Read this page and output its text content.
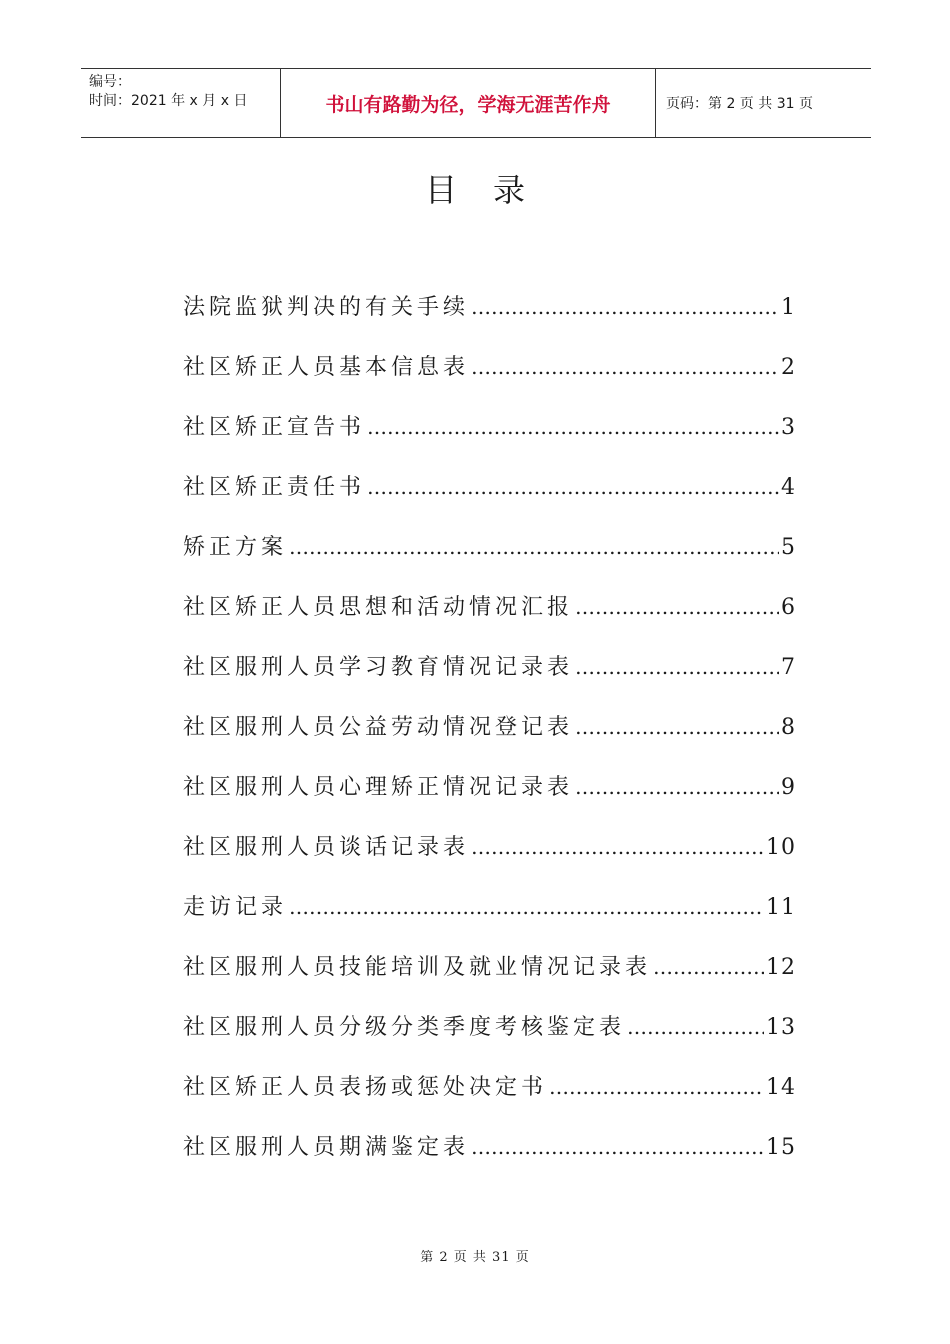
编号：
时间：2021 年 x 月 x 日	书山有路勤为径，学海无涯苦作舟	页码：第 2 页 共 31 页
目录
法院监狱判决的有关手续 …………………………………………………………………………………………………………………………	1
社区矫正人员基本信息表 …………………………………………………………………………………………………………………………	2
社区矫正宣告书 …………………………………………………………………………………………………………………………	3
社区矫正责任书 …………………………………………………………………………………………………………………………	4
矫正方案 …………………………………………………………………………………………………………………………	5
社区矫正人员思想和活动情况汇报 …………………………………………………………………………………………………………………………	6
社区服刑人员学习教育情况记录表 …………………………………………………………………………………………………………………………	7
社区服刑人员公益劳动情况登记表 …………………………………………………………………………………………………………………………	8
社区服刑人员心理矫正情况记录表 …………………………………………………………………………………………………………………………	9
社区服刑人员谈话记录表 …………………………………………………………………………………………………………………………	10
走访记录 …………………………………………………………………………………………………………………………	11
社区服刑人员技能培训及就业情况记录表 …………………………………………………………………………………………………………………………	12
社区服刑人员分级分类季度考核鉴定表 …………………………………………………………………………………………………………………………	13
社区矫正人员表扬或惩处决定书 …………………………………………………………………………………………………………………………	14
社区服刑人员期满鉴定表 …………………………………………………………………………………………………………………………	15
第 2 页 共 31 页
